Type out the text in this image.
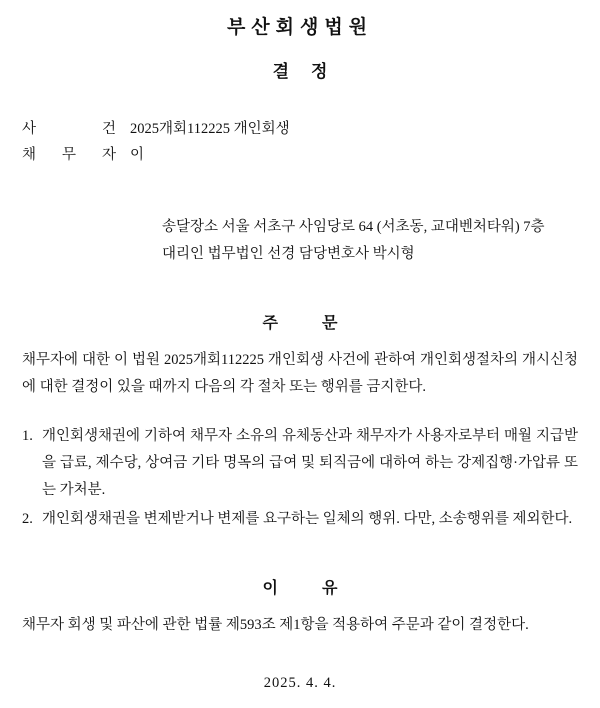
부산회생법원
결정
사	건 2025개회112225 개인회생
채 무 자 이
송달장소 서울 서초구 사임당로 64 (서초동, 교대벤처타워) 7층
대리인 법무법인 선경 담당변호사 박시형
주 문

채무자에 대한 이 법원 2025개회112225 개인회생 사건에 관하여 개인회생절차의 개시신청에 대한 결정이 있을 때까지 다음의 각 절차 또는 행위를 금지한다.

1. 개인회생채권에 기하여 채무자 소유의 유체동산과 채무자가 사용자로부터 매월 지급받을 급료, 제수당, 상여금 기타 명목의 급여 및 퇴직금에 대하여 하는 강제집행·가압류 또는 가처분.
2. 개인회생채권을 변제받거나 변제를 요구하는 일체의 행위. 다만, 소송행위를 제외한다.
이 유

채무자 회생 및 파산에 관한 법률 제593조 제1항을 적용하여 주문과 같이 결정한다.

2025. 4. 4.
